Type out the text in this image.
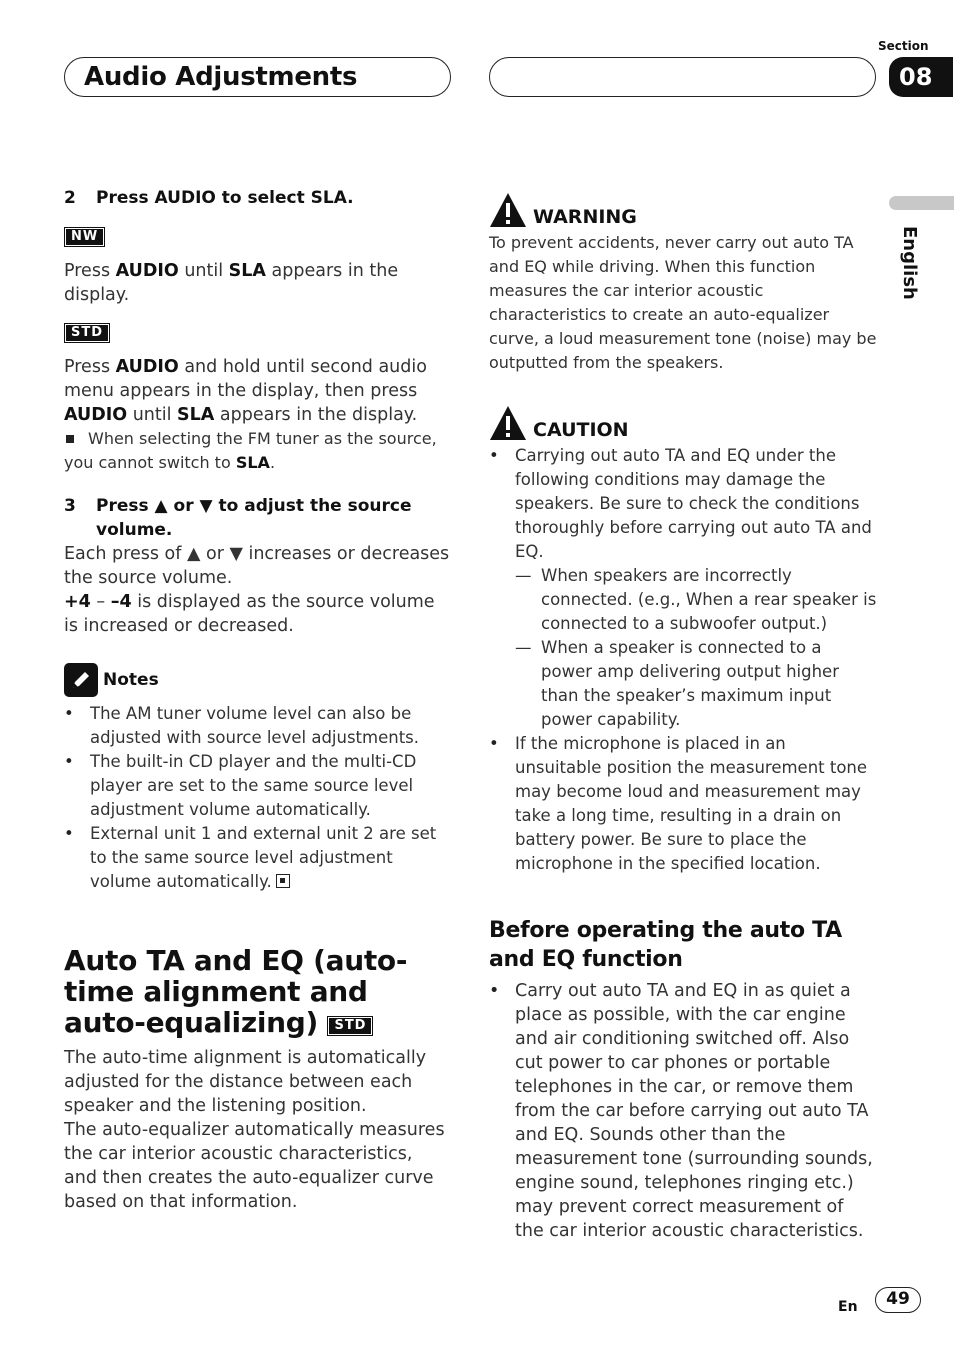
Audio Adjustments
Section
08
English
2 Press AUDIO to select SLA.
NW

Press AUDIO until SLA appears in the display.

STD

Press AUDIO and hold until second audio menu appears in the display, then press AUDIO until SLA appears in the display.

When selecting the FM tuner as the source, you cannot switch to SLA.

3 Press ▲ or ▼ to adjust the source volume.

Each press of ▲ or ▼ increases or decreases the source volume.

+4 – –4 is displayed as the source volume is increased or decreased.

Notes
• The AM tuner volume level can also be adjusted with source level adjustments.
• The built-in CD player and the multi-CD player are set to the same source level adjustment volume automatically.
• External unit 1 and external unit 2 are set to the same source level adjustment volume automatically.
Auto TA and EQ (auto-time alignment and auto-equalizing) STD

The auto-time alignment is automatically adjusted for the distance between each speaker and the listening position.

The auto-equalizer automatically measures the car interior acoustic characteristics, and then creates the auto-equalizer curve based on that information.

WARNING

To prevent accidents, never carry out auto TA and EQ while driving. When this function measures the car interior acoustic characteristics to create an auto-equalizer curve, a loud measurement tone (noise) may be outputted from the speakers.

CAUTION
• Carrying out auto TA and EQ under the following conditions may damage the speakers. Be sure to check the conditions thoroughly before carrying out auto TA and EQ.
— When speakers are incorrectly connected. (e.g., When a rear speaker is connected to a subwoofer output.)
— When a speaker is connected to a power amp delivering output higher than the speaker’s maximum input power capability.
• If the microphone is placed in an unsuitable position the measurement tone may become loud and measurement may take a long time, resulting in a drain on battery power. Be sure to place the microphone in the specified location.
Before operating the auto TA and EQ function
• Carry out auto TA and EQ in as quiet a place as possible, with the car engine and air conditioning switched off. Also cut power to car phones or portable telephones in the car, or remove them from the car before carrying out auto TA and EQ. Sounds other than the measurement tone (surrounding sounds, engine sound, telephones ringing etc.) may prevent correct measurement of the car interior acoustic characteristics.
En	49
